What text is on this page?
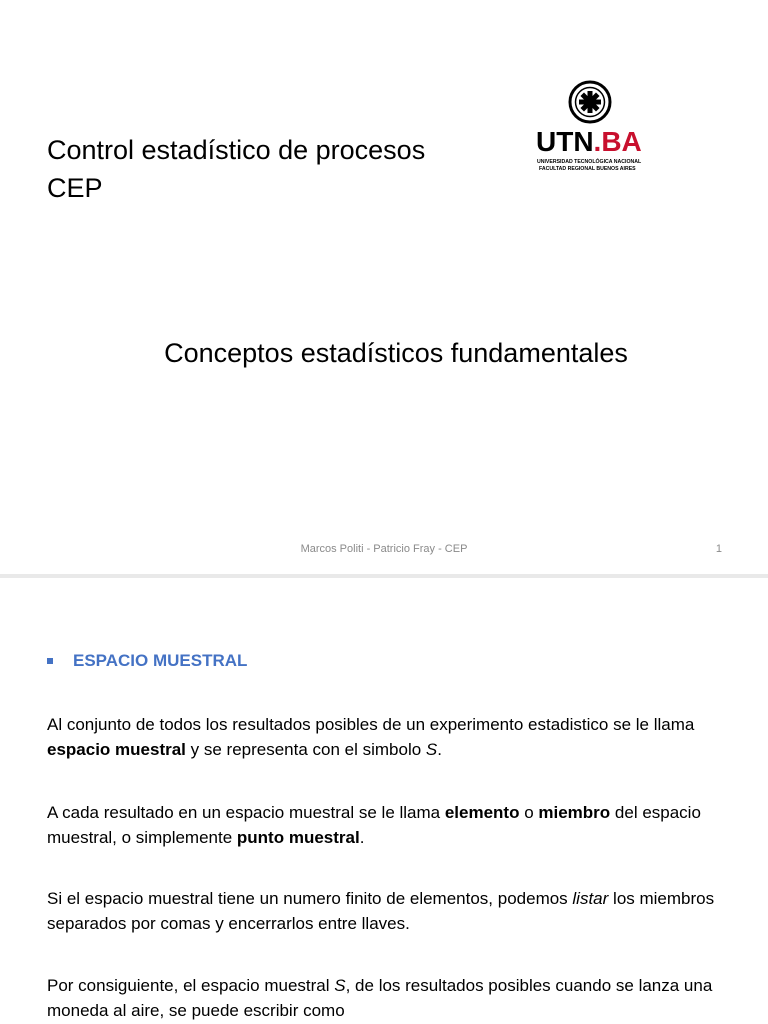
Control estadístico de procesos
CEP
UTN.BA
UNIVERSIDAD TECNOLÓGICA NACIONAL
FACULTAD REGIONAL BUENOS AIRES
Conceptos estadísticos fundamentales
Marcos Politi - Patricio Fray - CEP	1
ESPACIO MUESTRAL
Al conjunto de todos los resultados posibles de un experimento estadistico se le llama espacio muestral y se representa con el simbolo S.
A cada resultado en un espacio muestral se le llama elemento o miembro del espacio muestral, o simplemente punto muestral.
Si el espacio muestral tiene un numero finito de elementos, podemos listar los miembros separados por comas y encerrarlos entre llaves.
Por consiguiente, el espacio muestral S, de los resultados posibles cuando se lanza una moneda al aire, se puede escribir como
